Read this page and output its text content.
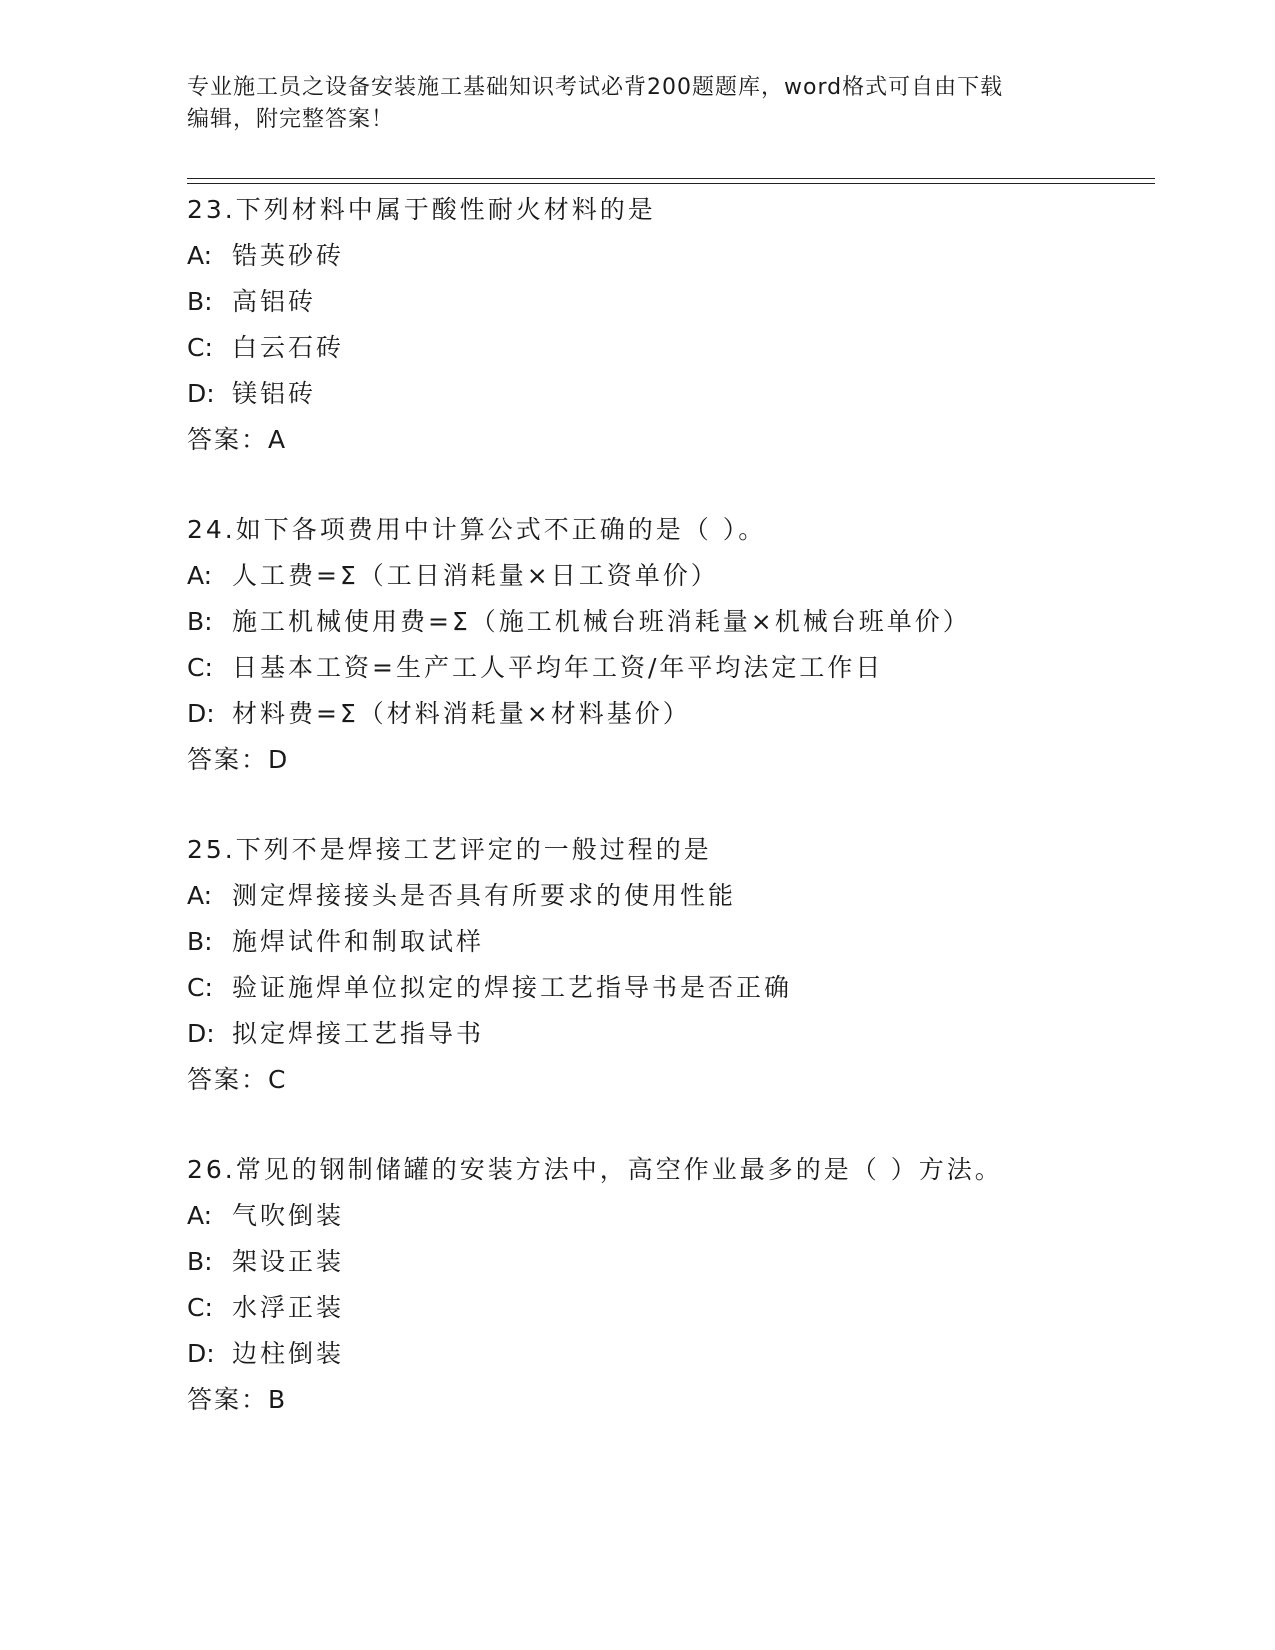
专业施工员之设备安装施工基础知识考试必背200题题库，word格式可自由下载
编辑，附完整答案！
23.下列材料中属于酸性耐火材料的是
A: 锆英砂砖
B: 高铝砖
C: 白云石砖
D: 镁铝砖
答案：A
24.如下各项费用中计算公式不正确的是（ ）。
A: 人工费=Σ（工日消耗量×日工资单价）
B: 施工机械使用费=Σ（施工机械台班消耗量×机械台班单价）
C: 日基本工资=生产工人平均年工资/年平均法定工作日
D: 材料费=Σ（材料消耗量×材料基价）
答案：D
25.下列不是焊接工艺评定的一般过程的是
A: 测定焊接接头是否具有所要求的使用性能
B: 施焊试件和制取试样
C: 验证施焊单位拟定的焊接工艺指导书是否正确
D: 拟定焊接工艺指导书
答案：C
26.常见的钢制储罐的安装方法中，高空作业最多的是（ ）方法。
A: 气吹倒装
B: 架设正装
C: 水浮正装
D: 边柱倒装
答案：B
